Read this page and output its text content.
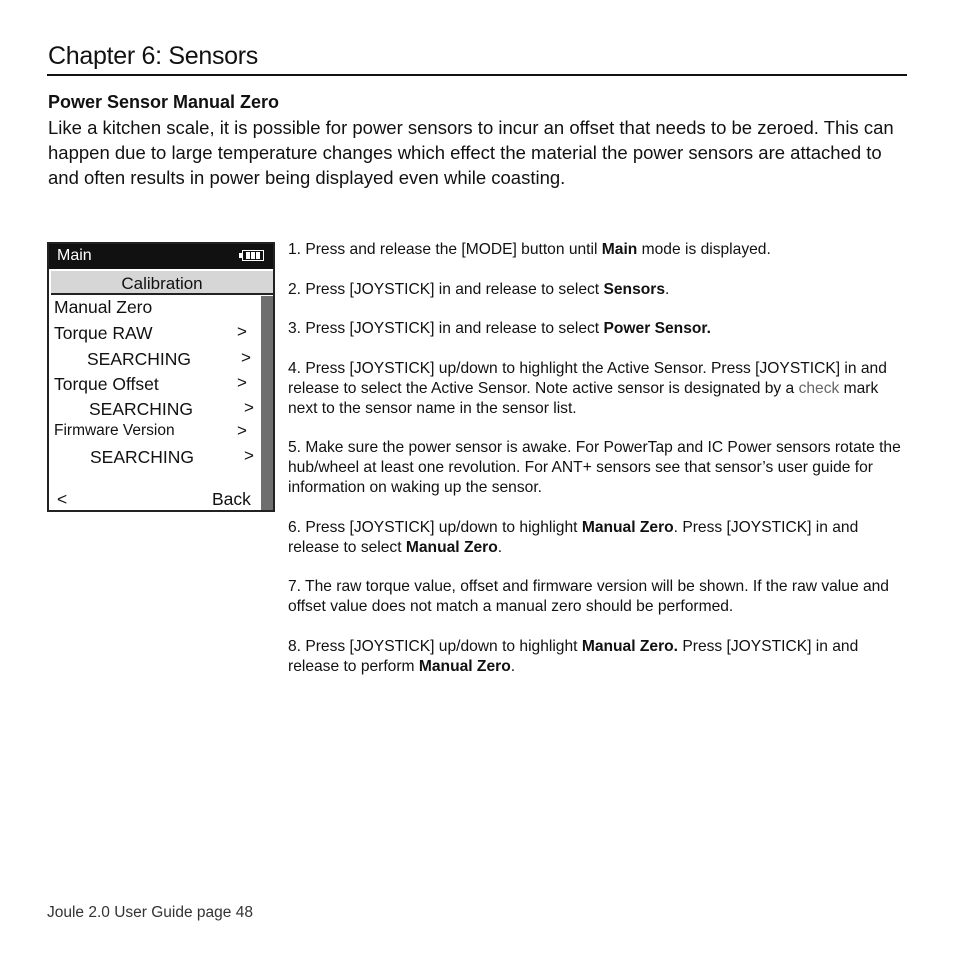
Chapter 6: Sensors
Power Sensor Manual Zero
Like a kitchen scale, it is possible for power sensors to incur an offset that needs to be zeroed. This can happen due to large temperature changes which effect the material the power sensors are attached to and often results in power being displayed even while coasting.
Main
Calibration
Manual Zero
Torque RAW	>
SEARCHING	>
Torque Offset	>
SEARCHING	>
Firmware Version	>
SEARCHING	>
<	Back

1. Press and release the [MODE] button until Main mode is displayed.

2. Press [JOYSTICK] in and release to select Sensors.

3. Press [JOYSTICK] in and release to select Power Sensor.

4. Press [JOYSTICK] up/down to highlight the Active Sensor. Press [JOYSTICK] in and release to select the Active Sensor. Note active sensor is designated by a check mark next to the sensor name in the sensor list.

5. Make sure the power sensor is awake. For PowerTap and IC Power sensors rotate the hub/wheel at least one revolution. For ANT+ sensors see that sensor’s user guide for information on waking up the sensor.

6. Press [JOYSTICK] up/down to highlight Manual Zero. Press [JOYSTICK] in and release to select Manual Zero.

7. The raw torque value, offset and firmware version will be shown. If the raw value and offset value does not match a manual zero should be performed.

8. Press [JOYSTICK] up/down to highlight Manual Zero. Press [JOYSTICK] in and release to perform Manual Zero.

Joule 2.0 User Guide page 48
